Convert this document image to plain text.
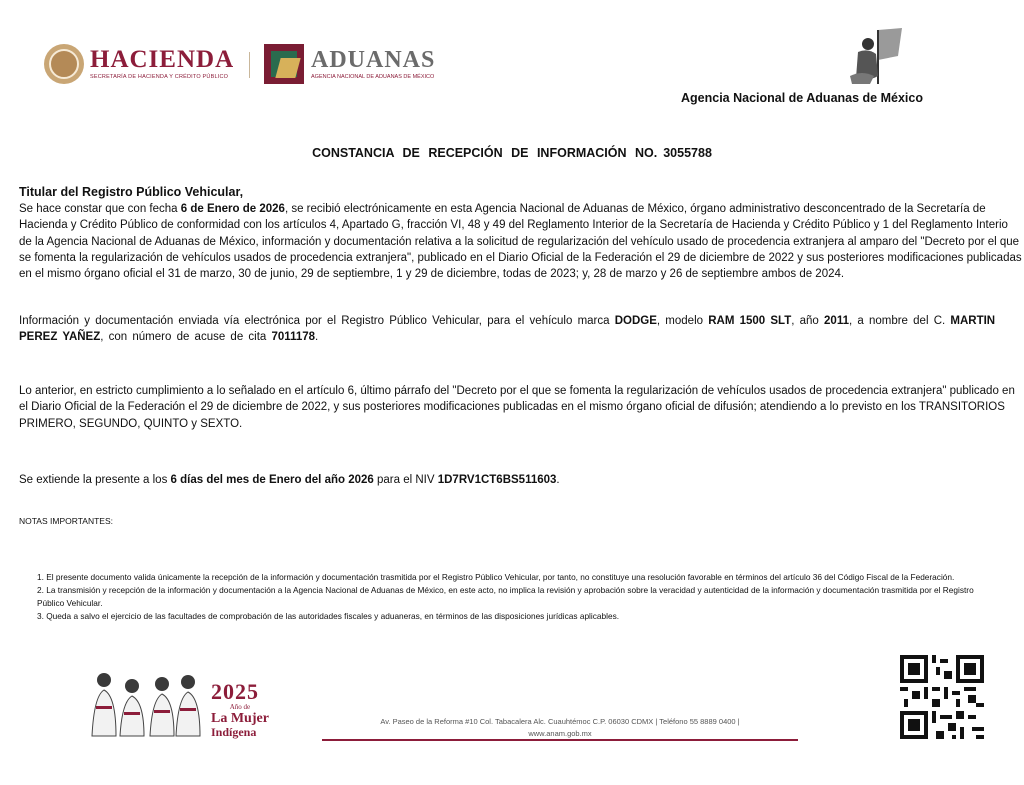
HACIENDA
SECRETARÍA DE HACIENDA Y CRÉDITO PÚBLICO
ADUANAS
AGENCIA NACIONAL DE ADUANAS DE MÉXICO
Agencia Nacional de Aduanas de México
CONSTANCIA DE RECEPCIÓN DE INFORMACIÓN NO. 3055788
Titular del Registro Público Vehicular,
Se hace constar que con fecha 6 de Enero de 2026, se recibió electrónicamente en esta Agencia Nacional de Aduanas de México, órgano administrativo desconcentrado de la Secretaría de Hacienda y Crédito Público de conformidad con los artículos 4, Apartado G, fracción VI, 48 y 49 del Reglamento Interior de la Secretaría de Hacienda y Crédito Público y 1 del Reglamento Interio de la Agencia Nacional de Aduanas de México, información y documentación relativa a la solicitud de regularización del vehículo usado de procedencia extranjera al amparo del "Decreto por el que se fomenta la regularización de vehículos usados de procedencia extranjera", publicado en el Diario Oficial de la Federación el 29 de diciembre de 2022 y sus posteriores modificaciones publicadas en el mismo órgano oficial el 31 de marzo, 30 de junio, 29 de septiembre, 1 y 29 de diciembre, todas de 2023; y, 28 de marzo y 26 de septiembre ambos de 2024.
Información y documentación enviada vía electrónica por el Registro Público Vehicular, para el vehículo marca DODGE, modelo RAM 1500 SLT, año 2011, a nombre del C. MARTIN PEREZ YAÑEZ, con número de acuse de cita 7011178.
Lo anterior, en estricto cumplimiento a lo señalado en el artículo 6, último párrafo del "Decreto por el que se fomenta la regularización de vehículos usados de procedencia extranjera" publicado en el Diario Oficial de la Federación el 29 de diciembre de 2022, y sus posteriores modificaciones publicadas en el mismo órgano oficial de difusión; atendiendo a lo previsto en los TRANSITORIOS PRIMERO, SEGUNDO, QUINTO y SEXTO.
Se extiende la presente a los 6 días del mes de Enero del año 2026 para el NIV 1D7RV1CT6BS511603.
NOTAS IMPORTANTES:
1. El presente documento valida únicamente la recepción de la información y documentación trasmitida por el Registro Público Vehicular, por tanto, no constituye una resolución favorable en términos del artículo 36 del Código Fiscal de la Federación.
2. La transmisión y recepción de la información y documentación a la Agencia Nacional de Aduanas de México, en este acto, no implica la revisión y aprobación sobre la veracidad y autenticidad de la información y documentación trasmitida por el Registro Público Vehicular.
3. Queda a salvo el ejercicio de las facultades de comprobación de las autoridades fiscales y aduaneras, en términos de las disposiciones jurídicas aplicables.
2025
Año de
La Mujer
Indígena
Av. Paseo de la Reforma #10 Col. Tabacalera Alc. Cuauhtémoc C.P. 06030 CDMX | Teléfono 55 8889 0400 |
www.anam.gob.mx
